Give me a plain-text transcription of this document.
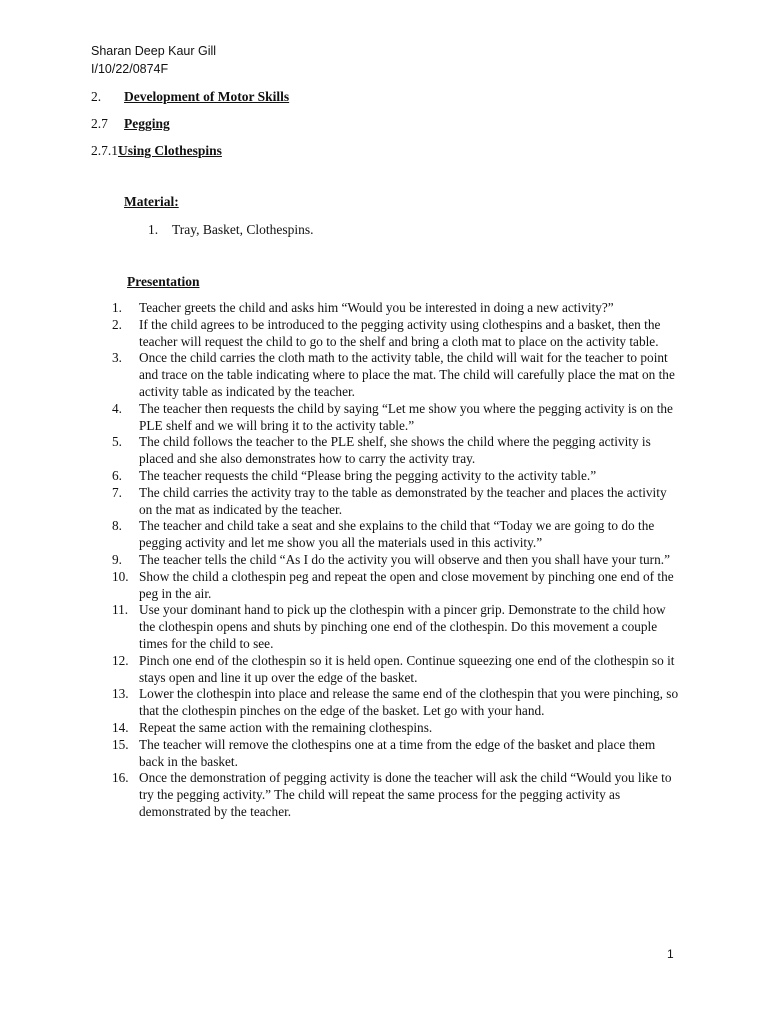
Sharan Deep Kaur Gill
I/10/22/0874F
2. Development of Motor Skills
2.7 Pegging
2.7.1Using Clothespins
Material:
1. Tray, Basket, Clothespins.
Presentation
1.	Teacher greets the child and asks him “Would you be interested in doing a new activity?”
2.	If the child agrees to be introduced to the pegging activity using clothespins and a basket, then the teacher will request the child to go to the shelf and bring a cloth mat to place on the activity table.
3.	Once the child carries the cloth math to the activity table, the child will wait for the teacher to point and trace on the table indicating where to place the mat. The child will carefully place the mat on the activity table as indicated by the teacher.
4.	The teacher then requests the child by saying “Let me show you where the pegging activity is on the PLE shelf and we will bring it to the activity table.”
5.	The child follows the teacher to the PLE shelf, she shows the child where the pegging activity is placed and she also demonstrates how to carry the activity tray.
6.	The teacher requests the child “Please bring the pegging activity to the activity table.”
7.	The child carries the activity tray to the table as demonstrated by the teacher and places the activity on the mat as indicated by the teacher.
8.	The teacher and child take a seat and she explains to the child that “Today we are going to do the pegging activity and let me show you all the materials used in this activity.”
9.	The teacher tells the child “As I do the activity you will observe and then you shall have your turn.”
10. Show the child a clothespin peg and repeat the open and close movement by pinching one end of the peg in the air.
11. Use your dominant hand to pick up the clothespin with a pincer grip. Demonstrate to the child how the clothespin opens and shuts by pinching one end of the clothespin. Do this movement a couple times for the child to see.
12. Pinch one end of the clothespin so it is held open. Continue squeezing one end of the clothespin so it stays open and line it up over the edge of the basket.
13. Lower the clothespin into place and release the same end of the clothespin that you were pinching, so that the clothespin pinches on the edge of the basket. Let go with your hand.
14. Repeat the same action with the remaining clothespins.
15. The teacher will remove the clothespins one at a time from the edge of the basket and place them back in the basket.
16. Once the demonstration of pegging activity is done the teacher will ask the child “Would you like to try the pegging activity.” The child will repeat the same process for the pegging activity as demonstrated by the teacher.
1
